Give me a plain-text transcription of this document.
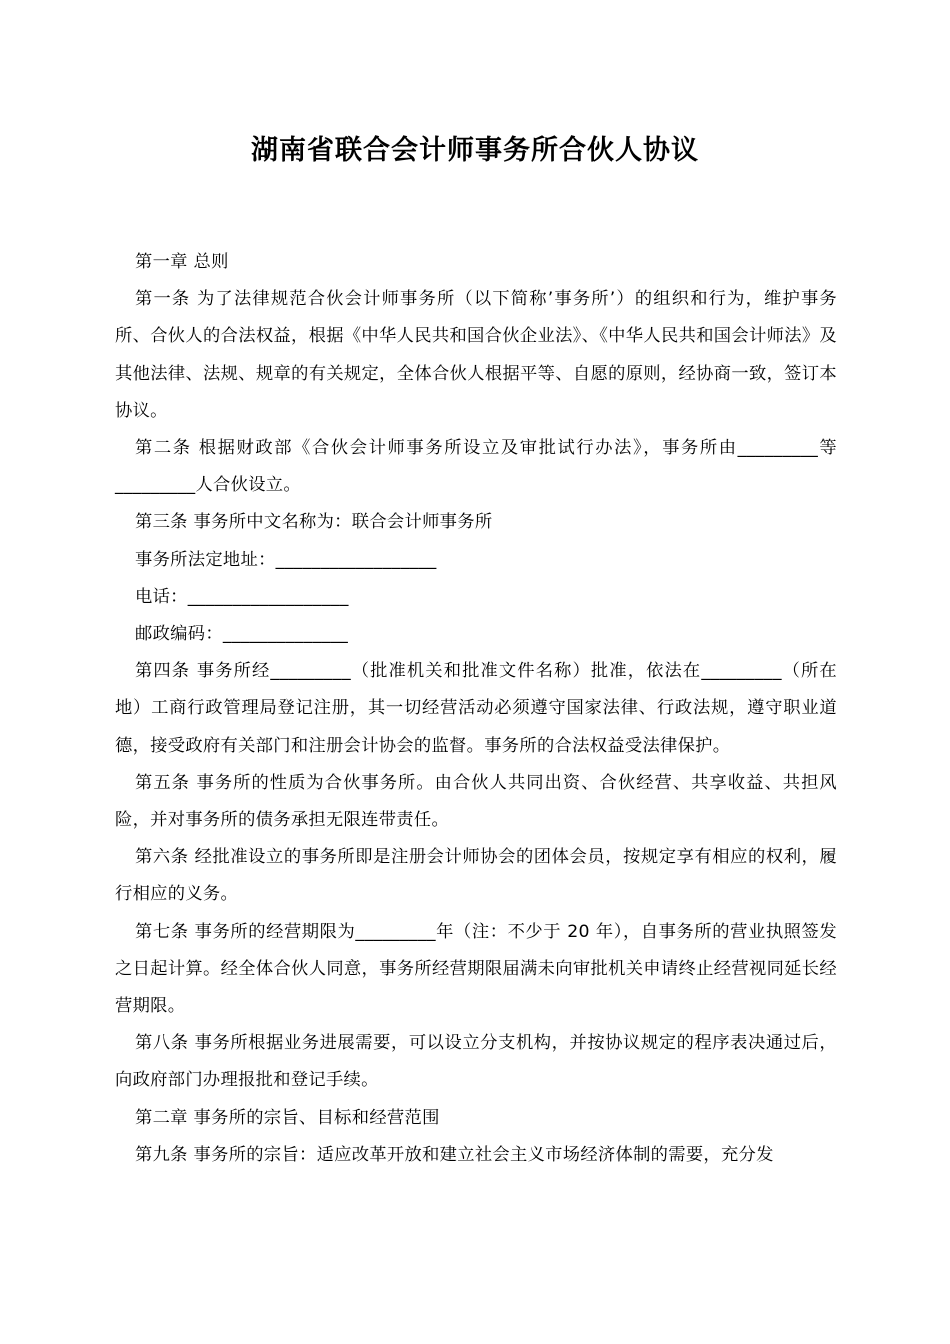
湖南省联合会计师事务所合伙人协议

第一章 总则

第一条 为了法律规范合伙会计师事务所（以下简称’事务所’）的组织和行为，维护事务所、合伙人的合法权益，根据《中华人民共和国合伙企业法》、《中华人民共和国会计师法》及其他法律、法规、规章的有关规定，全体合伙人根据平等、自愿的原则，经协商一致，签订本协议。

第二条 根据财政部《合伙会计师事务所设立及审批试行办法》，事务所由_________等_________人合伙设立。

第三条 事务所中文名称为：联合会计师事务所

事务所法定地址：__________________

电话：__________________

邮政编码：______________

第四条 事务所经_________（批准机关和批准文件名称）批准，依法在_________（所在地）工商行政管理局登记注册，其一切经营活动必须遵守国家法律、行政法规，遵守职业道德，接受政府有关部门和注册会计协会的监督。事务所的合法权益受法律保护。

第五条 事务所的性质为合伙事务所。由合伙人共同出资、合伙经营、共享收益、共担风险，并对事务所的债务承担无限连带责任。

第六条 经批准设立的事务所即是注册会计师协会的团体会员，按规定享有相应的权利，履行相应的义务。

第七条 事务所的经营期限为_________年（注：不少于 20 年），自事务所的营业执照签发之日起计算。经全体合伙人同意，事务所经营期限届满未向审批机关申请终止经营视同延长经营期限。

第八条 事务所根据业务进展需要，可以设立分支机构，并按协议规定的程序表决通过后，向政府部门办理报批和登记手续。

第二章 事务所的宗旨、目标和经营范围

第九条 事务所的宗旨：适应改革开放和建立社会主义市场经济体制的需要，充分发
